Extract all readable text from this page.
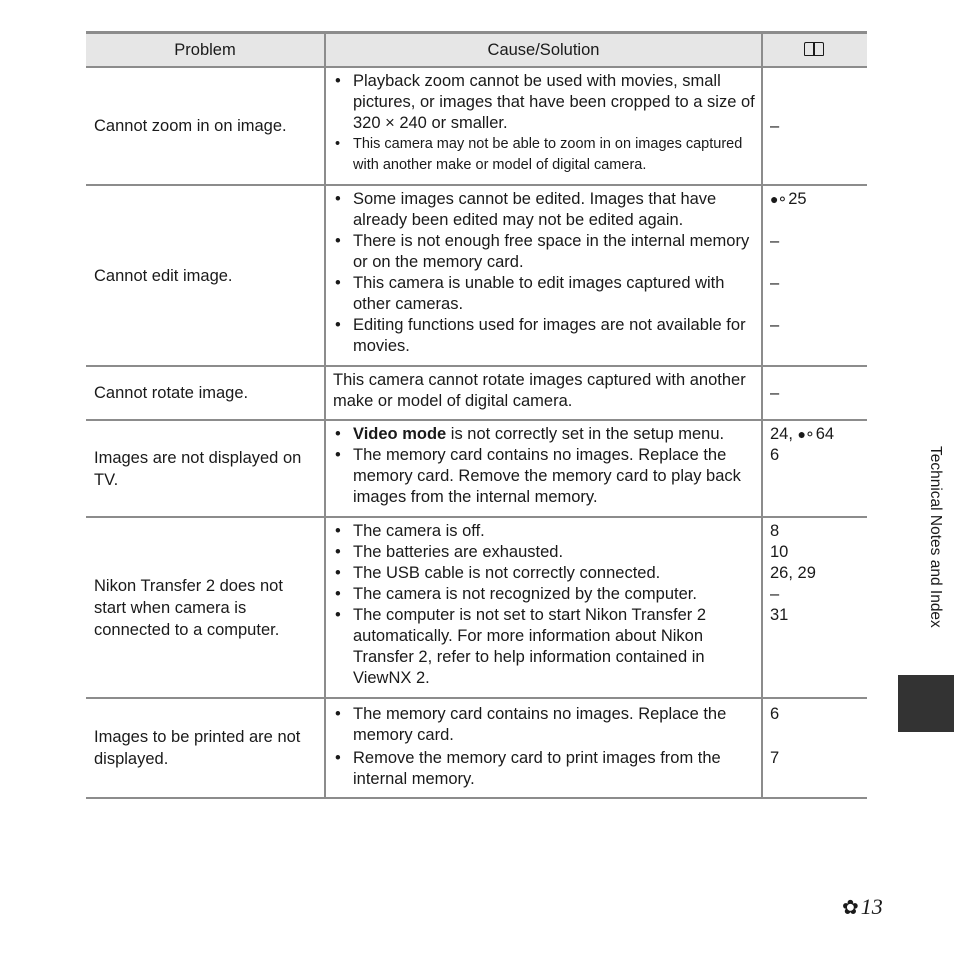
Problem	Cause/Solution
Cannot zoom in on image.
• Playback zoom cannot be used with movies, small pictures, or images that have been cropped to a size of 320 × 240 or smaller.
• This camera may not be able to zoom in on images captured with another make or model of digital camera.
–
Cannot edit image.
• Some images cannot be edited. Images that have already been edited may not be edited again.
• There is not enough free space in the internal memory or on the memory card.
• This camera is unable to edit images captured with other cameras.
• Editing functions used for images are not available for movies.
●⚬ 25
–
–
–
Cannot rotate image.
This camera cannot rotate images captured with another make or model of digital camera.	–
Images are not displayed on TV.
• Video mode is not correctly set in the setup menu.
• The memory card contains no images. Replace the memory card. Remove the memory card to play back images from the internal memory.
24, ●⚬ 64
6
Nikon Transfer 2 does not start when camera is connected to a computer.
• The camera is off.
• The batteries are exhausted.
• The USB cable is not correctly connected.
• The camera is not recognized by the computer.
• The computer is not set to start Nikon Transfer 2 automatically. For more information about Nikon Transfer 2, refer to help information contained in ViewNX 2.
8
10
26, 29
–
31
Images to be printed are not displayed.
• The memory card contains no images. Replace the memory card.
• Remove the memory card to print images from the internal memory.
6
7
Technical Notes and Index
✿13
